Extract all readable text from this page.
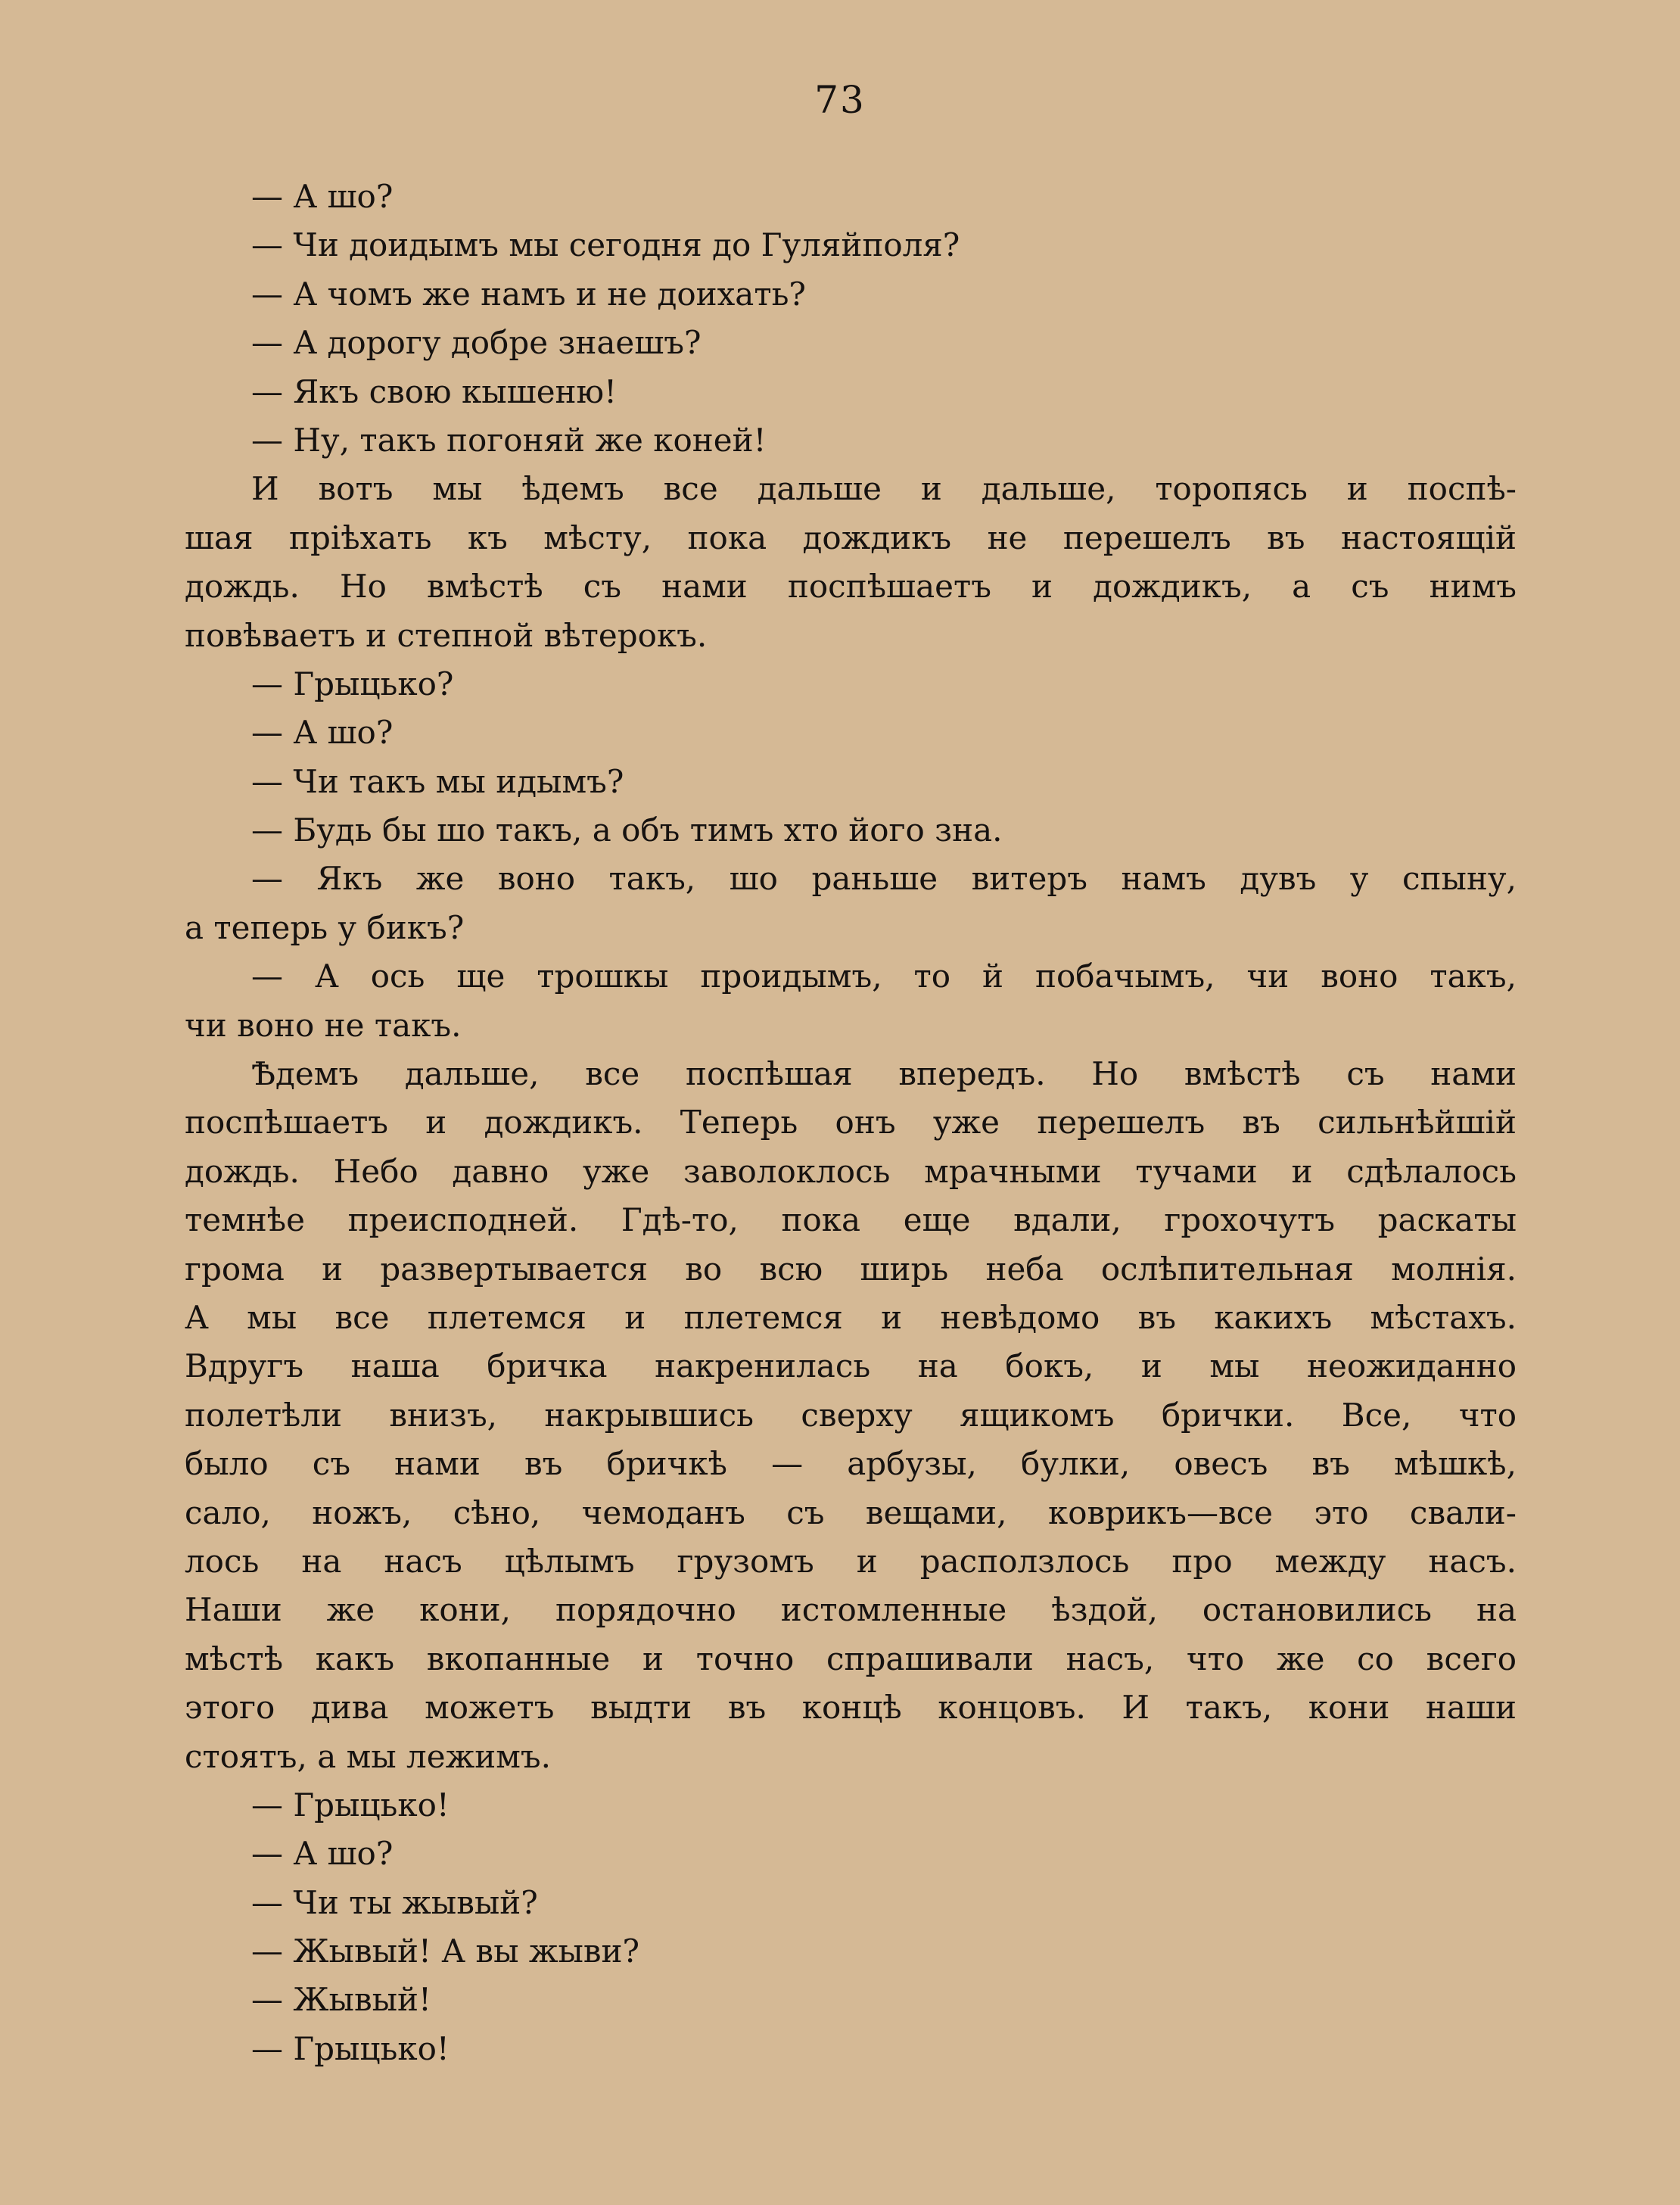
73
— А шо?
— Чи доидымъ мы сегодня до Гуляйполя?
— А чомъ же намъ и не доихать?
— А дорогу добре знаешъ?
— Якъ свою кышеню!
— Ну, такъ погоняй же коней!
И вотъ мы ѣдемъ все дальше и дальше, торопясь и поспѣ-
шая прiѣхать къ мѣсту, пока дождикъ не перешелъ въ настоящiй
дождь. Но вмѣстѣ съ нами поспѣшаетъ и дождикъ, а съ нимъ
повѣваетъ и степной вѣтерокъ.
— Грыцько?
— А шо?
— Чи такъ мы идымъ?
— Будь бы шо такъ, а объ тимъ хто його зна.
— Якъ же воно такъ, шо раньше витеръ намъ дувъ у спыну,
а теперь у бикъ?
— А ось ще трошкы проидымъ, то й побачымъ, чи воно такъ,
чи воно не такъ.
Ѣдемъ дальше, все поспѣшая впередъ. Но вмѣстѣ съ нами
поспѣшаетъ и дождикъ. Теперь онъ уже перешелъ въ сильнѣйшiй
дождь. Небо давно уже заволоклось мрачными тучами и сдѣлалось
темнѣе преисподней. Гдѣ-то, пока еще вдали, грохочутъ раскаты
грома и развертывается во всю ширь неба ослѣпительная молнiя.
А мы все плетемся и плетемся и невѣдомо въ какихъ мѣстахъ.
Вдругъ наша бричка накренилась на бокъ, и мы неожиданно
полетѣли внизъ, накрывшись сверху ящикомъ брички. Все, что
было съ нами въ бричкѣ — арбузы, булки, овесъ въ мѣшкѣ,
сало, ножъ, сѣно, чемоданъ съ вещами, коврикъ—все это свали-
лось на насъ цѣлымъ грузомъ и расползлось про между насъ.
Наши же кони, порядочно истомленные ѣздой, остановились на
мѣстѣ какъ вкопанные и точно спрашивали насъ, что же со всего
этого дива можетъ выдти въ концѣ концовъ. И такъ, кони наши
стоятъ, а мы лежимъ.
— Грыцько!
— А шо?
— Чи ты жывый?
— Жывый! А вы жыви?
— Жывый!
— Грыцько!
